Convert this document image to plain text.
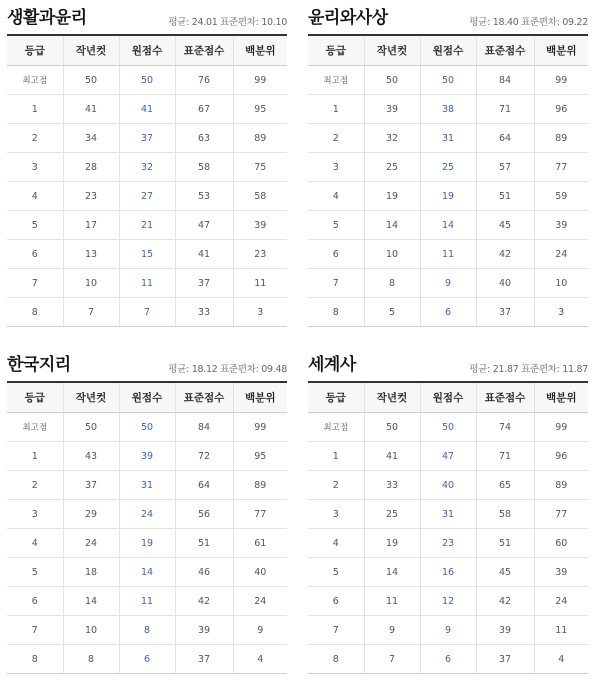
생활과윤리	평균: 24.01 표준편차: 10.10
등급	작년컷	원점수	표준점수	백분위
최고점	50	50	76	99
1	41	41	67	95
2	34	37	63	89
3	28	32	58	75
4	23	27	53	58
5	17	21	47	39
6	13	15	41	23
7	10	11	37	11
8	7	7	33	3
윤리와사상	평균: 18.40 표준편차: 09.22
등급	작년컷	원점수	표준점수	백분위
최고점	50	50	84	99
1	39	38	71	96
2	32	31	64	89
3	25	25	57	77
4	19	19	51	59
5	14	14	45	39
6	10	11	42	24
7	8	9	40	10
8	5	6	37	3
한국지리	평균: 18.12 표준편차: 09.48
등급	작년컷	원점수	표준점수	백분위
최고점	50	50	84	99
1	43	39	72	95
2	37	31	64	89
3	29	24	56	77
4	24	19	51	61
5	18	14	46	40
6	14	11	42	24
7	10	8	39	9
8	8	6	37	4
세계사	평균: 21.87 표준편차: 11.87
등급	작년컷	원점수	표준점수	백분위
최고점	50	50	74	99
1	41	47	71	96
2	33	40	65	89
3	25	31	58	77
4	19	23	51	60
5	14	16	45	39
6	11	12	42	24
7	9	9	39	11
8	7	6	37	4
